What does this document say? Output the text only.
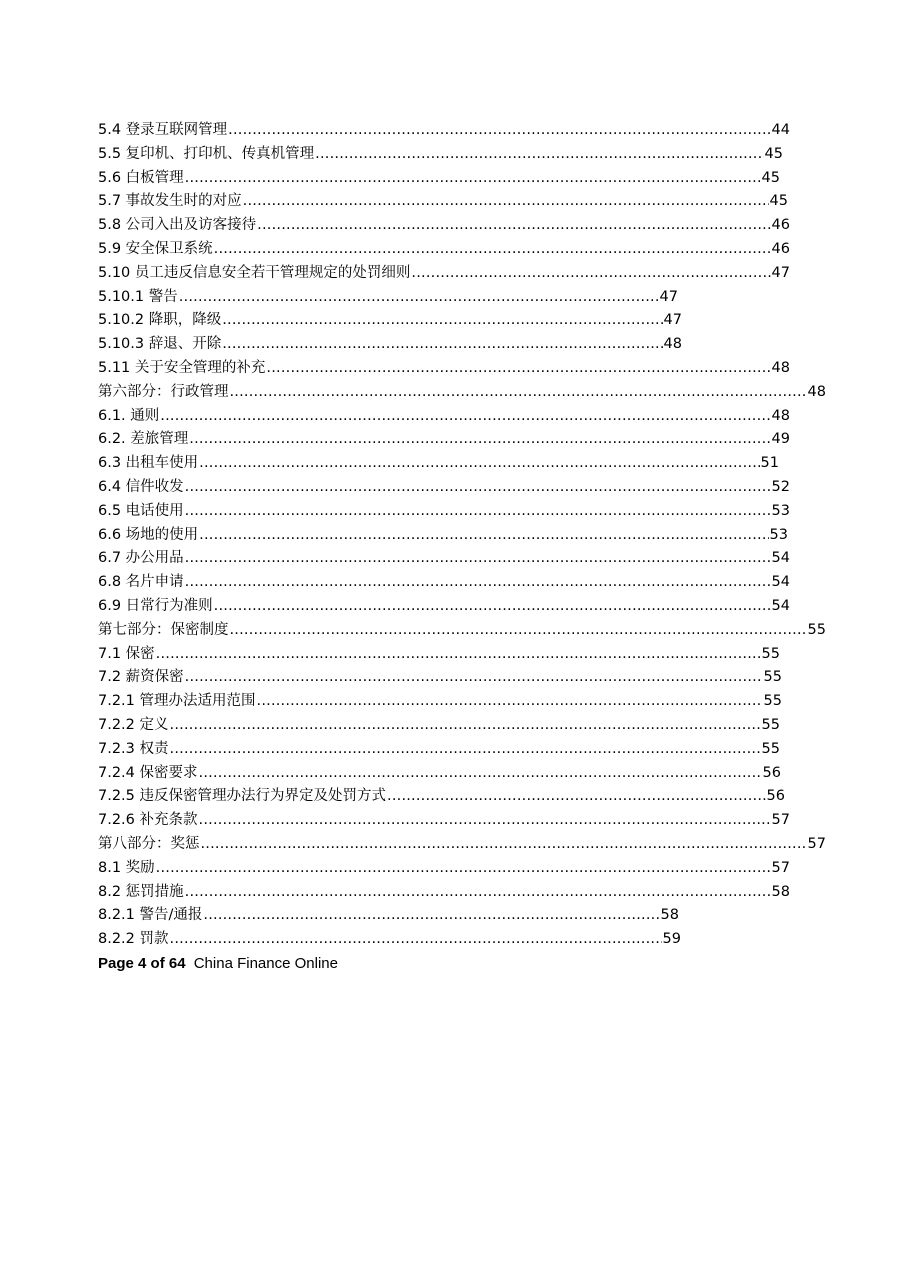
5.4 登录互联网管理 .....	44
5.5 复印机、打印机、传真机管理 .....	45
5.6 白板管理 .....	45
5.7 事故发生时的对应 .....	45
5.8 公司入出及访客接待 .....	46
5.9 安全保卫系统 .....	46
5.10 员工违反信息安全若干管理规定的处罚细则 .....	47
5.10.1 警告 .....	47
5.10.2 降职，降级 .....	47
5.10.3 辞退、开除 .....	48
5.11 关于安全管理的补充 .....	48
第六部分：行政管理 .....	48
6.1. 通则 .....	48
6.2. 差旅管理 .....	49
6.3 出租车使用 .....	51
6.4 信件收发 .....	52
6.5 电话使用 .....	53
6.6 场地的使用 .....	53
6.7 办公用品 .....	54
6.8 名片申请 .....	54
6.9 日常行为准则 .....	54
第七部分：保密制度 .....	55
7.1 保密 .....	55
7.2 薪资保密 .....	55
7.2.1 管理办法适用范围 .....	55
7.2.2 定义 .....	55
7.2.3 权责 .....	55
7.2.4 保密要求 .....	56
7.2.5 违反保密管理办法行为界定及处罚方式 .....	56
7.2.6 补充条款 .....	57
第八部分：奖惩 .....	57
8.1 奖励 .....	57
8.2 惩罚措施 .....	58
8.2.1 警告/通报 .....	58
8.2.2 罚款 .....	59
Page 4 of 64 China Finance Online
